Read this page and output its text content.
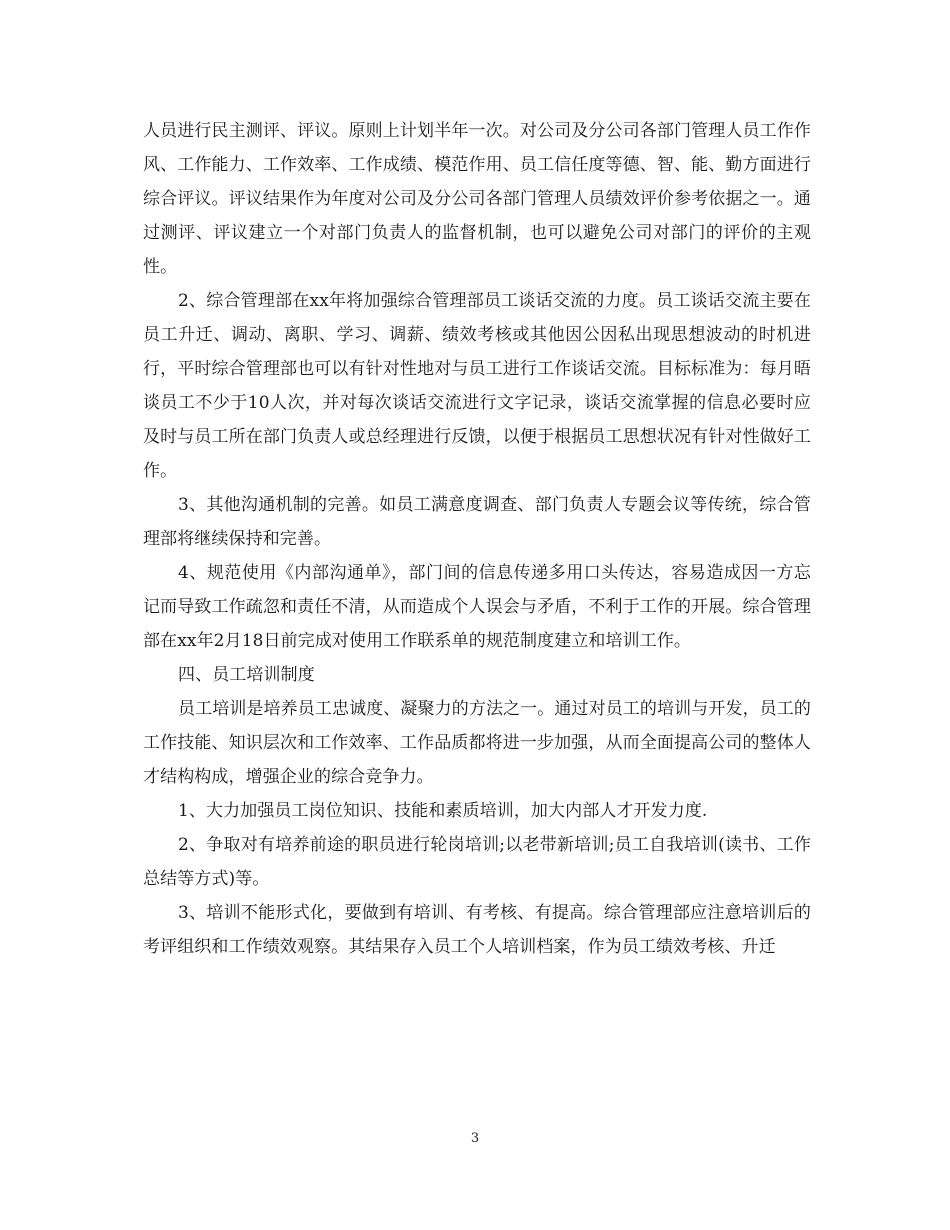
人员进行民主测评、评议。原则上计划半年一次。对公司及分公司各部门管理人员工作作风、工作能力、工作效率、工作成绩、模范作用、员工信任度等德、智、能、勤方面进行综合评议。评议结果作为年度对公司及分公司各部门管理人员绩效评价参考依据之一。通过测评、评议建立一个对部门负责人的监督机制，也可以避免公司对部门的评价的主观性。

2、综合管理部在xx年将加强综合管理部员工谈话交流的力度。员工谈话交流主要在员工升迁、调动、离职、学习、调薪、绩效考核或其他因公因私出现思想波动的时机进行，平时综合管理部也可以有针对性地对与员工进行工作谈话交流。目标标准为：每月晤谈员工不少于10人次，并对每次谈话交流进行文字记录，谈话交流掌握的信息必要时应及时与员工所在部门负责人或总经理进行反馈，以便于根据员工思想状况有针对性做好工作。

3、其他沟通机制的完善。如员工满意度调查、部门负责人专题会议等传统，综合管理部将继续保持和完善。

4、规范使用《内部沟通单》，部门间的信息传递多用口头传达，容易造成因一方忘记而导致工作疏忽和责任不清，从而造成个人误会与矛盾，不利于工作的开展。综合管理部在xx年2月18日前完成对使用工作联系单的规范制度建立和培训工作。

四、员工培训制度

员工培训是培养员工忠诚度、凝聚力的方法之一。通过对员工的培训与开发，员工的工作技能、知识层次和工作效率、工作品质都将进一步加强，从而全面提高公司的整体人才结构构成，增强企业的综合竞争力。

1、大力加强员工岗位知识、技能和素质培训，加大内部人才开发力度.

2、争取对有培养前途的职员进行轮岗培训;以老带新培训;员工自我培训(读书、工作总结等方式)等。

3、培训不能形式化，要做到有培训、有考核、有提高。综合管理部应注意培训后的考评组织和工作绩效观察。其结果存入员工个人培训档案，作为员工绩效考核、升迁

3
